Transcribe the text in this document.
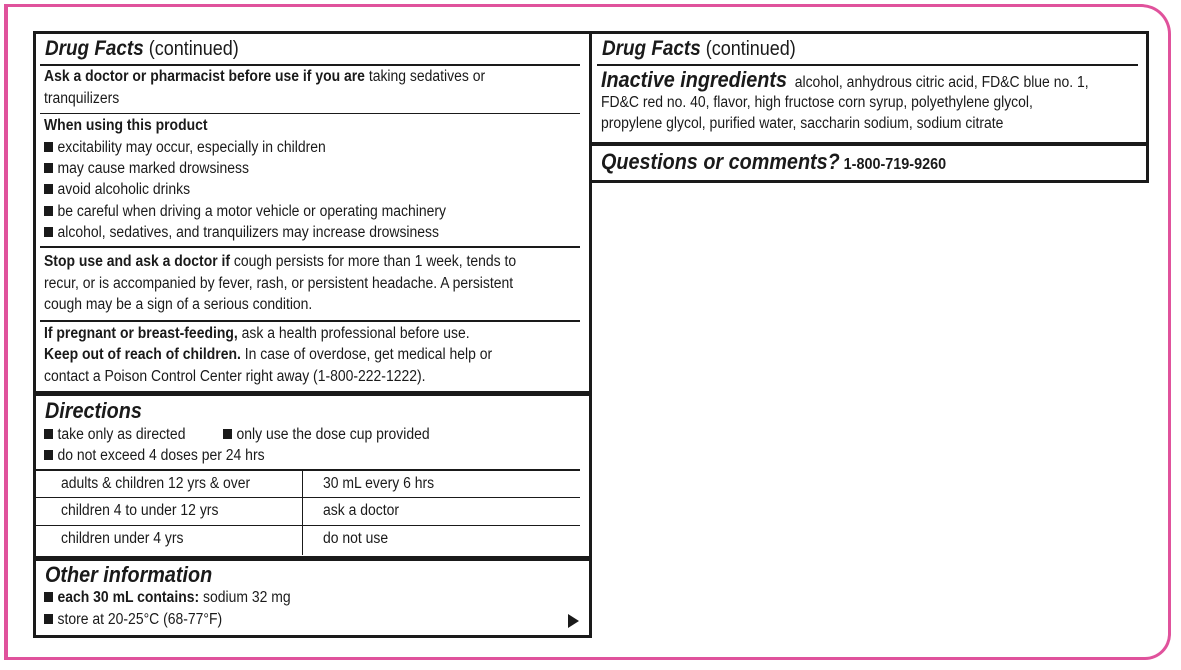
Drug Facts (continued)
Ask a doctor or pharmacist before use if you are taking sedatives or
tranquilizers
When using this product
excitability may occur, especially in children
may cause marked drowsiness
avoid alcoholic drinks
be careful when driving a motor vehicle or operating machinery
alcohol, sedatives, and tranquilizers may increase drowsiness
Stop use and ask a doctor if cough persists for more than 1 week, tends to
recur, or is accompanied by fever, rash, or persistent headache. A persistent
cough may be a sign of a serious condition.
If pregnant or breast-feeding, ask a health professional before use.
Keep out of reach of children. In case of overdose, get medical help or
contact a Poison Control Center right away (1-800-222-1222).
Directions
take only as directed	only use the dose cup provided
do not exceed 4 doses per 24 hrs
adults & children 12 yrs & over	30 mL every 6 hrs
children 4 to under 12 yrs	ask a doctor
children under 4 yrs	do not use
Other information
each 30 mL contains: sodium 32 mg
store at 20-25°C (68-77°F)
Drug Facts (continued)
Inactive ingredients alcohol, anhydrous citric acid, FD&C blue no. 1,
FD&C red no. 40, flavor, high fructose corn syrup, polyethylene glycol,
propylene glycol, purified water, saccharin sodium, sodium citrate
Questions or comments? 1-800-719-9260
